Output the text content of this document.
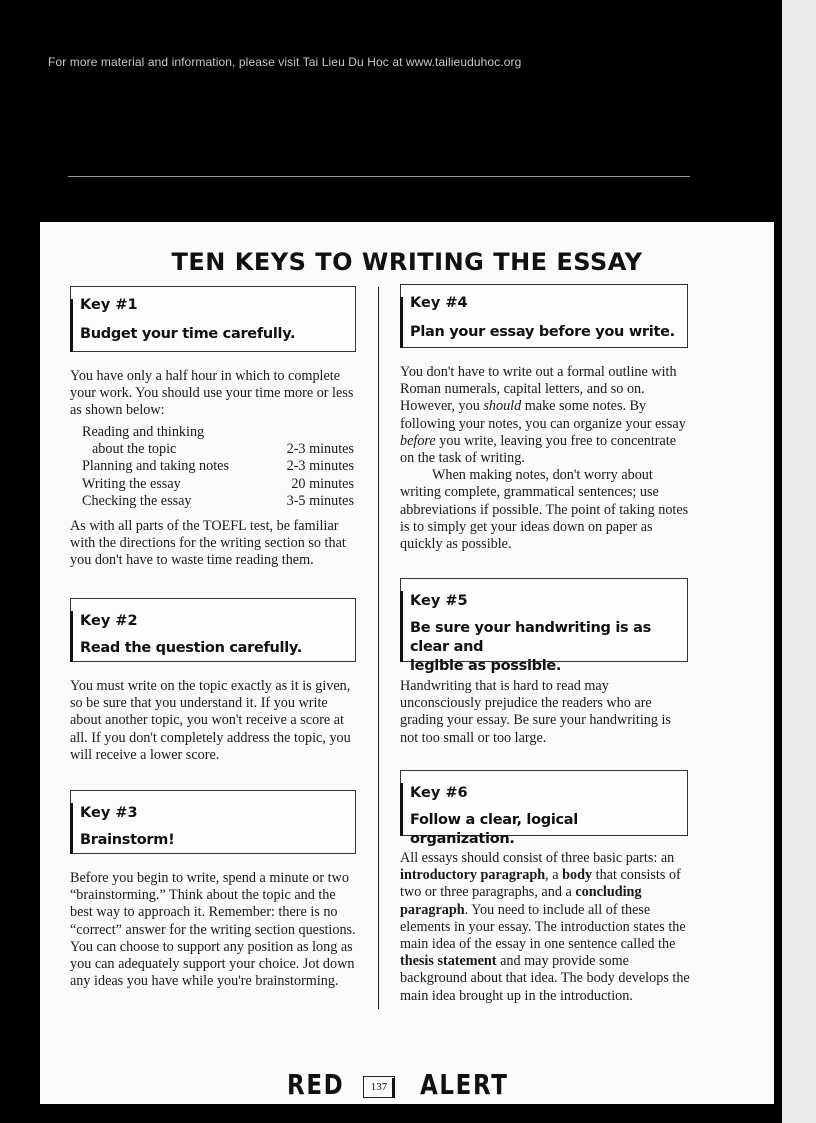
For more material and information, please visit Tai Lieu Du Hoc at www.tailieuduhoc.org
TEN KEYS TO WRITING THE ESSAY
Key #1
Budget your time carefully.
You have only a half hour in which to complete your work. You should use your time more or less as shown below:
Reading and thinking
about the topic	2-3 minutes
Planning and taking notes	2-3 minutes
Writing the essay	20 minutes
Checking the essay	3-5 minutes
As with all parts of the TOEFL test, be familiar with the directions for the writing section so that you don't have to waste time reading them.
Key #2
Read the question carefully.
You must write on the topic exactly as it is given, so be sure that you understand it. If you write about another topic, you won't receive a score at all. If you don't completely address the topic, you will receive a lower score.
Key #3
Brainstorm!
Before you begin to write, spend a minute or two “brainstorming.” Think about the topic and the best way to approach it. Remember: there is no “correct” answer for the writing section questions. You can choose to support any position as long as you can adequately support your choice. Jot down any ideas you have while you're brainstorming.
Key #4
Plan your essay before you write.

You don't have to write out a formal outline with Roman numerals, capital letters, and so on. However, you should make some notes. By following your notes, you can organize your essay before you write, leaving you free to concentrate on the task of writing.

When making notes, don't worry about writing complete, grammatical sentences; use abbreviations if possible. The point of taking notes is to simply get your ideas down on paper as quickly as possible.

Key #5
Be sure your handwriting is as clear and
legible as possible.
Handwriting that is hard to read may unconsciously prejudice the readers who are grading your essay. Be sure your handwriting is not too small or too large.
Key #6
Follow a clear, logical organization.

All essays should consist of three basic parts: an introductory paragraph, a body that consists of two or three paragraphs, and a concluding paragraph. You need to include all of these elements in your essay. The introduction states the main idea of the essay in one sentence called the thesis statement and may provide some background about that idea. The body develops the main idea brought up in the introduction.

RED	137 ALERT
